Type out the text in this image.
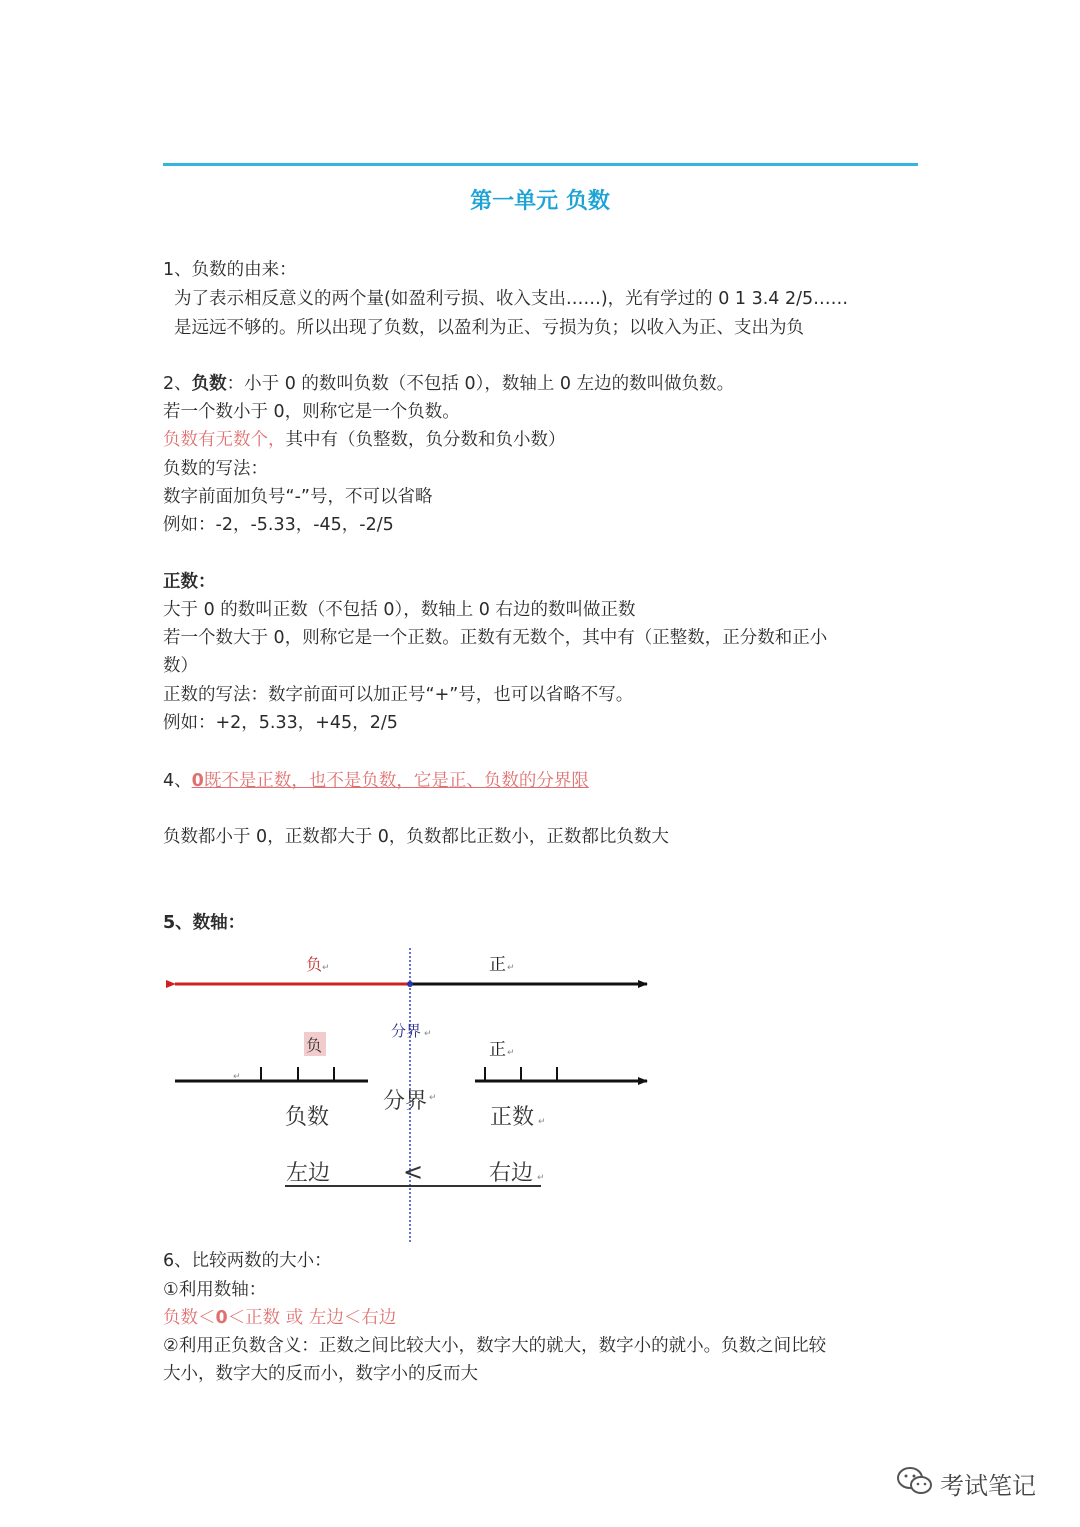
第一单元 负数
1、负数的由来：
为了表示相反意义的两个量(如盈利亏损、收入支出……)，光有学过的 0 1 3.4 2/5……
是远远不够的。所以出现了负数，以盈利为正、亏损为负；以收入为正、支出为负
2、负数：小于 0 的数叫负数（不包括 0），数轴上 0 左边的数叫做负数。
若一个数小于 0，则称它是一个负数。
负数有无数个，其中有（负整数，负分数和负小数）
负数的写法：
数字前面加负号“-”号，不可以省略
例如：-2，-5.33，-45，-2/5
正数：
大于 0 的数叫正数（不包括 0），数轴上 0 右边的数叫做正数
若一个数大于 0，则称它是一个正数。正数有无数个，其中有（正整数，正分数和正小
数）
正数的写法：数字前面可以加正号“+”号，也可以省略不写。
例如：+2，5.33，+45，2/5
4、0既不是正数，也不是负数，它是正、负数的分界限
负数都小于 0，正数都大于 0，负数都比正数小，正数都比负数大
5、数轴：
负 ↵	正 ↵
分界 ↵
负	正 ↵
↵
负数
分界 ↵
正数 ↵
左边	<	右边 ↵
6、比较两数的大小：
①利用数轴：
负数＜0＜正数 或 左边＜右边
②利用正负数含义：正数之间比较大小，数字大的就大，数字小的就小。负数之间比较
大小，数字大的反而小，数字小的反而大
考试笔记
